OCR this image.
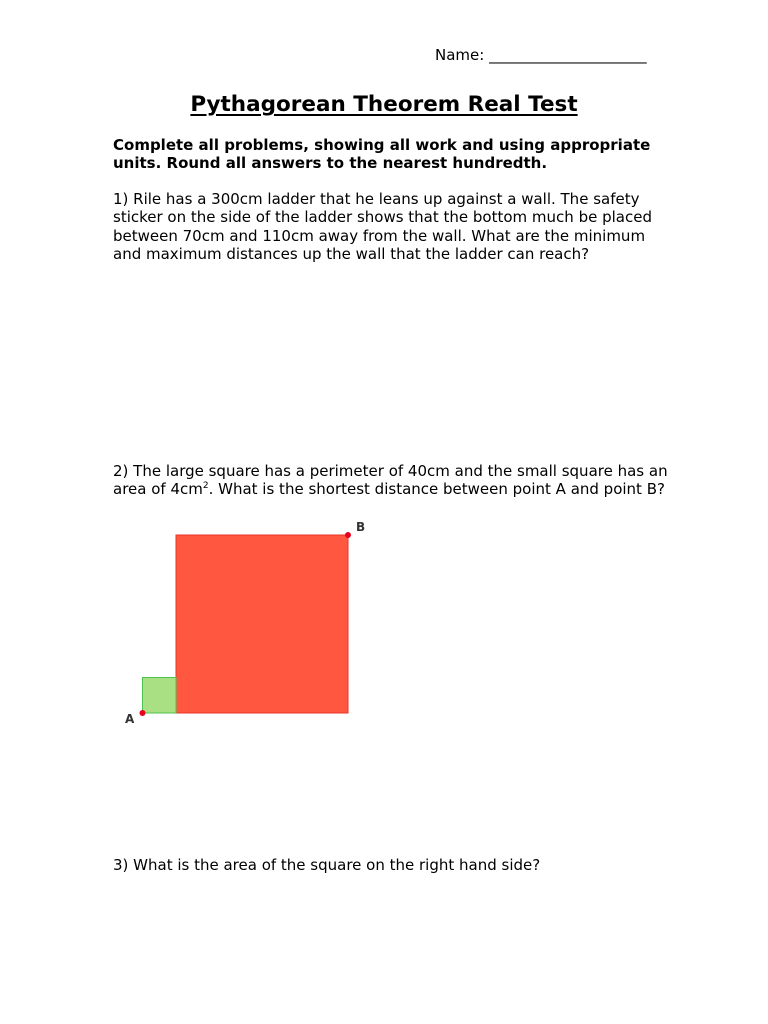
Name: _____________________
Pythagorean Theorem Real Test

Complete all problems, showing all work and using appropriate units. Round all answers to the nearest hundredth.

1) Rile has a 300cm ladder that he leans up against a wall. The safety sticker on the side of the ladder shows that the bottom much be placed between 70cm and 110cm away from the wall. What are the minimum and maximum distances up the wall that the ladder can reach?

2) The large square has a perimeter of 40cm and the small square has an area of $4cm^2$. What is the shortest distance between point A and point B?

A
B

3) What is the area of the square on the right hand side?
